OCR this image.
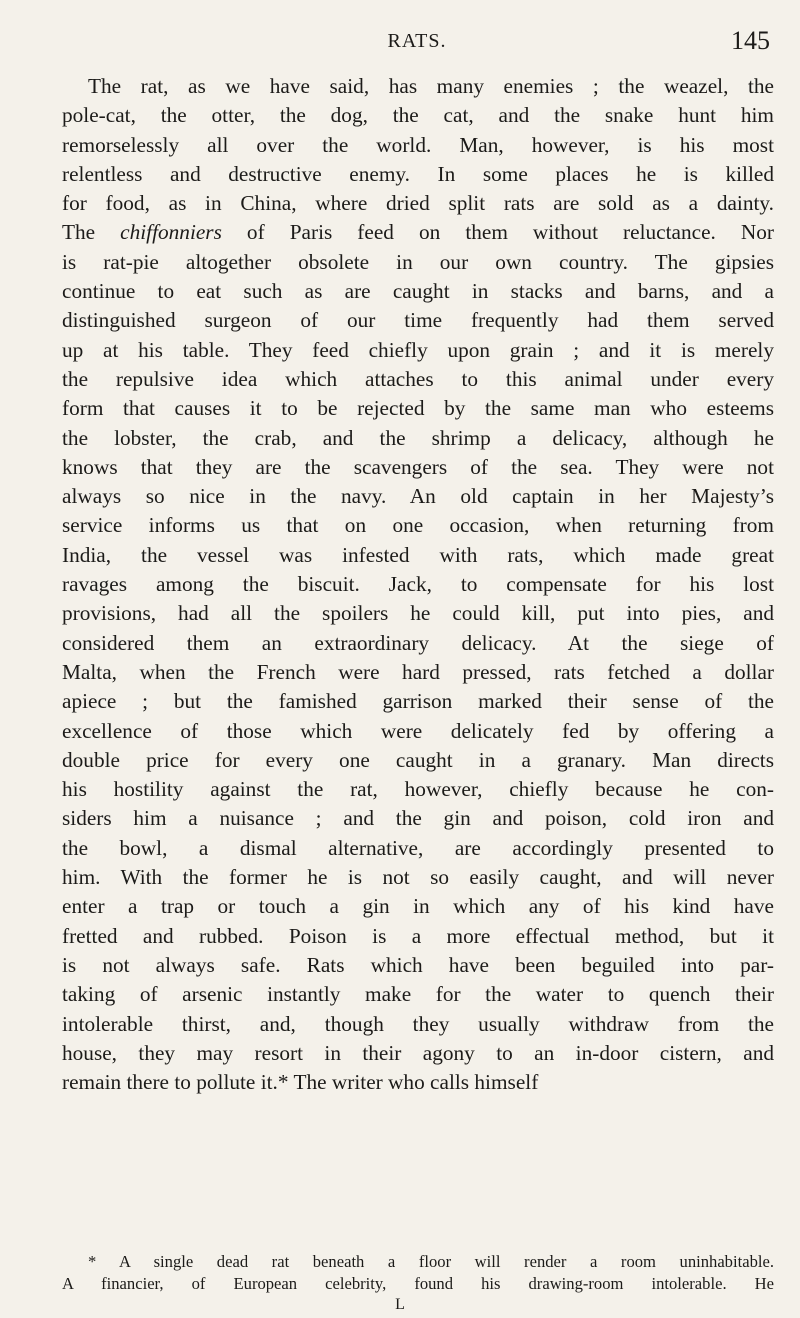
RATS.	145
The rat, as we have said, has many enemies ; the weazel, the
pole-cat, the otter, the dog, the cat, and the snake hunt him
remorselessly all over the world. Man, however, is his most
relentless and destructive enemy. In some places he is killed
for food, as in China, where dried split rats are sold as a dainty.
The chiffonniers of Paris feed on them without reluctance. Nor
is rat-pie altogether obsolete in our own country. The gipsies
continue to eat such as are caught in stacks and barns, and a
distinguished surgeon of our time frequently had them served
up at his table. They feed chiefly upon grain ; and it is merely
the repulsive idea which attaches to this animal under every
form that causes it to be rejected by the same man who esteems
the lobster, the crab, and the shrimp a delicacy, although he
knows that they are the scavengers of the sea. They were not
always so nice in the navy. An old captain in her Majesty’s
service informs us that on one occasion, when returning from
India, the vessel was infested with rats, which made great
ravages among the biscuit. Jack, to compensate for his lost
provisions, had all the spoilers he could kill, put into pies, and
considered them an extraordinary delicacy. At the siege of
Malta, when the French were hard pressed, rats fetched a dollar
apiece ; but the famished garrison marked their sense of the
excellence of those which were delicately fed by offering a
double price for every one caught in a granary. Man directs
his hostility against the rat, however, chiefly because he con-
siders him a nuisance ; and the gin and poison, cold iron and
the bowl, a dismal alternative, are accordingly presented to
him. With the former he is not so easily caught, and will never
enter a trap or touch a gin in which any of his kind have
fretted and rubbed. Poison is a more effectual method, but it
is not always safe. Rats which have been beguiled into par-
taking of arsenic instantly make for the water to quench their
intolerable thirst, and, though they usually withdraw from the
house, they may resort in their agony to an in-door cistern, and
remain there to pollute it.* The writer who calls himself
* A single dead rat beneath a floor will render a room uninhabitable.
A financier, of European celebrity, found his drawing-room intolerable. He
L
